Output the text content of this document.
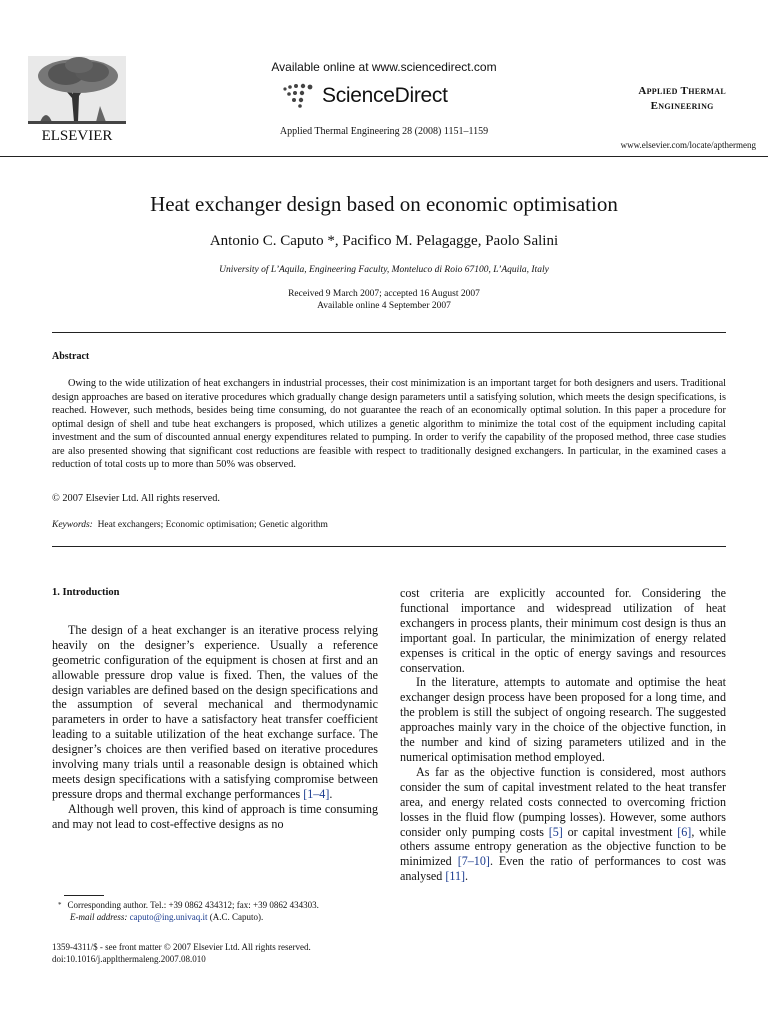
ELSEVIER
Available online at www.sciencedirect.com
ScienceDirect
Applied Thermal Engineering 28 (2008) 1151–1159
Applied Thermal
Engineering
www.elsevier.com/locate/apthermeng
Heat exchanger design based on economic optimisation
Antonio C. Caputo *, Pacifico M. Pelagagge, Paolo Salini
University of L’Aquila, Engineering Faculty, Monteluco di Roio 67100, L’Aquila, Italy
Received 9 March 2007; accepted 16 August 2007
Available online 4 September 2007
Abstract

Owing to the wide utilization of heat exchangers in industrial processes, their cost minimization is an important target for both designers and users. Traditional design approaches are based on iterative procedures which gradually change design parameters until a satisfying solution, which meets the design specifications, is reached. However, such methods, besides being time consuming, do not guarantee the reach of an economically optimal solution. In this paper a procedure for optimal design of shell and tube heat exchangers is proposed, which utilizes a genetic algorithm to minimize the total cost of the equipment including capital investment and the sum of discounted annual energy expenditures related to pumping. In order to verify the capability of the proposed method, three case studies are also presented showing that significant cost reductions are feasible with respect to traditionally designed exchangers. In particular, in the examined cases a reduction of total costs up to more than 50% was observed.

© 2007 Elsevier Ltd. All rights reserved.
Keywords: Heat exchangers; Economic optimisation; Genetic algorithm

1. Introduction

The design of a heat exchanger is an iterative process relying heavily on the designer’s experience. Usually a reference geometric configuration of the equipment is chosen at first and an allowable pressure drop value is fixed. Then, the values of the design variables are defined based on the design specifications and the assumption of several mechanical and thermodynamic parameters in order to have a satisfactory heat transfer coefficient leading to a suitable utilization of the heat exchange surface. The designer’s choices are then verified based on iterative procedures involving many trials until a reasonable design is obtained which meets design specifications with a satisfying compromise between pressure drops and thermal exchange performances [1–4].

Although well proven, this kind of approach is time consuming and may not lead to cost-effective designs as no

cost criteria are explicitly accounted for. Considering the functional importance and widespread utilization of heat exchangers in process plants, their minimum cost design is thus an important goal. In particular, the minimization of energy related expenses is critical in the optic of energy savings and resources conservation.

In the literature, attempts to automate and optimise the heat exchanger design process have been proposed for a long time, and the problem is still the subject of ongoing research. The suggested approaches mainly vary in the choice of the objective function, in the number and kind of sizing parameters utilized and in the numerical optimisation method employed.

As far as the objective function is considered, most authors consider the sum of capital investment related to the heat transfer area, and energy related costs connected to overcoming friction losses in the fluid flow (pumping losses). However, some authors consider only pumping costs [5] or capital investment [6], while others assume entropy generation as the objective function to be minimized [7–10]. Even the ratio of performances to cost was analysed [11].

* Corresponding author. Tel.: +39 0862 434312; fax: +39 0862 434303.
E-mail address: caputo@ing.univaq.it (A.C. Caputo).
1359-4311/$ - see front matter © 2007 Elsevier Ltd. All rights reserved.
doi:10.1016/j.applthermaleng.2007.08.010
